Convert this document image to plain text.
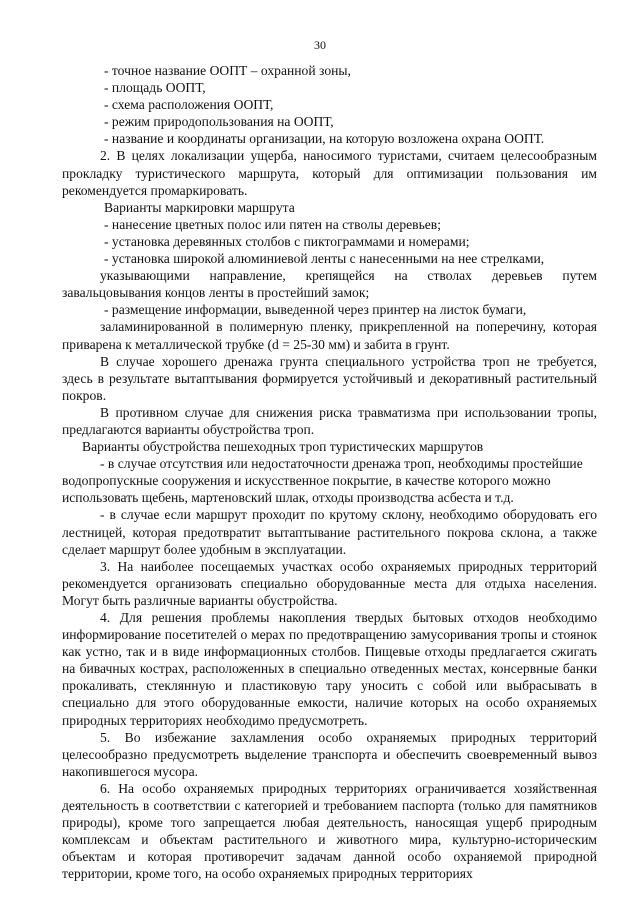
30

- точное название ООПТ – охранной зоны,

- площадь ООПТ,

- схема расположения ООПТ,

- режим природопользования на ООПТ,

- название и координаты организации, на которую возложена охрана ООПТ.

2. В целях локализации ущерба, наносимого туристами, считаем целесообразным прокладку туристического маршрута, который для оптимизации пользования им рекомендуется промаркировать.

Варианты маркировки маршрута

- нанесение цветных полос или пятен на стволы деревьев;

- установка деревянных столбов с пиктограммами и номерами;

- установка широкой алюминиевой ленты с нанесенными на нее стрелками,

указывающими направление, крепящейся на стволах деревьев путем завальцовывания концов ленты в простейший замок;

- размещение информации, выведенной через принтер на листок бумаги,

заламинированной в полимерную пленку, прикрепленной на поперечину, которая приварена к металлической трубке (d = 25-30 мм) и забита в грунт.

В случае хорошего дренажа грунта специального устройства троп не требуется, здесь в результате вытаптывания формируется устойчивый и декоративный растительный покров.

В противном случае для снижения риска травматизма при использовании тропы, предлагаются варианты обустройства троп.

Варианты обустройства пешеходных троп туристических маршрутов

- в случае отсутствия или недостаточности дренажа троп, необходимы простейшие водопропускные сооружения и искусственное покрытие, в качестве которого можно использовать щебень, мартеновский шлак, отходы производства асбеста и т.д.

- в случае если маршрут проходит по крутому склону, необходимо оборудовать его лестницей, которая предотвратит вытаптывание растительного покрова склона, а также сделает маршрут более удобным в эксплуатации.

3. На наиболее посещаемых участках особо охраняемых природных территорий рекомендуется организовать специально оборудованные места для отдыха населения. Могут быть различные варианты обустройства.

4. Для решения проблемы накопления твердых бытовых отходов необходимо информирование посетителей о мерах по предотвращению замусоривания тропы и стоянок как устно, так и в виде информационных столбов. Пищевые отходы предлагается сжигать на бивачных кострах, расположенных в специально отведенных местах, консервные банки прокаливать, стеклянную и пластиковую тару уносить с собой или выбрасывать в специально для этого оборудованные емкости, наличие которых на особо охраняемых природных территориях необходимо предусмотреть.

5. Во избежание захламления особо охраняемых природных территорий целесообразно предусмотреть выделение транспорта и обеспечить своевременный вывоз накопившегося мусора.

6. На особо охраняемых природных территориях ограничивается хозяйственная деятельность в соответствии с категорией и требованием паспорта (только для памятников природы), кроме того запрещается любая деятельность, наносящая ущерб природным комплексам и объектам растительного и животного мира, культурно-историческим объектам и которая противоречит задачам данной особо охраняемой природной территории, кроме того, на особо охраняемых природных территориях
